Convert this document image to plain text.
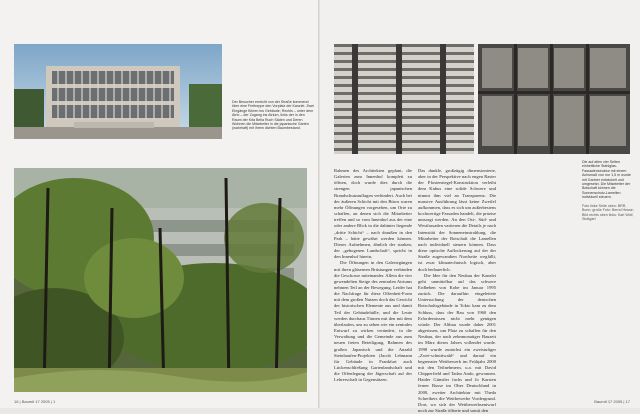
Der Besucher erreicht von der Straße kommend über eine Freitreppe den Vorplatz der Kanzlei. Zwei Eingänge führen ins Gebäude; Rechts – unter dem Atrio – der Zugang ins Atrium, links der in den Raum der Kita Bella Ruch Säden und Deren Wohnen die Mitarbeiter in die japanische Garten (wahrhaft) mit ihrem dichten Baumbestand.
16 | Baumit 17 2005 | 1

Rahmen des Architekten geplant, die Galerien zum Innenhof komplett zu öffnen, doch wurde dies durch die strengen japanischen Brandschutzauflagen verhindert. Auch bei der äußeren Schicht mit den Büros waren mehr Öffnungen vorgesehen, um Orte zu schaffen, an denen sich die Mitarbeiter treffen und so vom Innenhof aus der eine oder andere Blick in die dahinter liegende „dritte Schicht“ – nach draußen in den Park – hätte gewährt werden können. Dieses Aufnehmen, ähnlich der starken, der „gebogenen Landschaft“, spricht in den Innenhof hinein,

Die Öffnungen in den Galeriegängen mit ihren gläsernen Brüstungen verbinden die Geschosse miteinander. Allein die vier gewendelten Steige des zentralen Atriums nehmen Teil an der Bewegung. Leider hat die Nachfrage für diese Offenheit-Form mit dem großen Nutzen doch das Gewicht der historischen Elemente aus und damit Teil der Gebäudehülle, und die Leute werden durchaus Türnen mit den mit dem überlaufen, um zu sehen wie ein zentrales Entwurf zu wirken verändert, in die Verwaltung und die Gemeinde aus zum neuen freien Beteiligung, Rahmen des großen Japanisch und die Anzahl Steinhaufen-Projekten (Jacob Lehmann für Gebäude in Frankfurt auch Lückenschließung Gartenlandschaft und die Offenlegung der Jägerschaft auf der Lehrerschaft in Gegensätzen.

Das dunkle, großzügig dimensionierte, aber in der Perspektive nach engen Raster der Pfostenriegel-Konstruktion verleiht dem Kubus eine solide Schwere und nimmt ihm viel an Transparenz. Die massive Ausführung lässt keine Zweifel aufkommen, dass es sich um außerbestens hochwertige Fassaden handelt, die präzise umsorgt werden. An den Ost-, Süd- und Westfassaden variieren die Details je nach Intensität der Sonneneinstrahlung, die Mitarbeiter der Botschaft die Lamellen nach individuell steuern können. Dass diese optische Auflockerung auf der der Straße zugewandten Nordseite wegfällt, ist zwar klimatechnisch logisch, aber doch bedauerlich.

Die Idee für den Neubau der Kanzlei geht unmittelbar auf das schwere Erdbeben von Kobe im Januar 1995 zurück. Die daraufhin eingeleitete Untersuchung der deutschen Botschaftsgebäude in Tokio kam zu dem Schluss, dass der Bau von 1960 den Erfordernissen nicht mehr genügen würde. Der Altbau wurde daher 2001 abgerissen, um Platz zu schaffen für den Neubau, der nach zehnmonatiger Bauzeit im März dieses Jahres vollendet wurde. 1998 wurde zunächst ein zweistufiger „Zwei-schnittwahl“ und darauf ein begrenzter Wettbewerb im Frühjahr 2000 mit den Teilnehmern, u.a. mit David Chipperfield und Tadao Ando, gewonnen. Haider Günstler fuchs und Jo Karsten ferner Busse im Ober Deutschland in 2000, zweiter Architektur mit Theda Schreibers die Wettbewerbe Vordergrund. Dort, wo sich der Wettbewerbsentwurf noch zur Straße öffnete und somit den

Die auf allen vier Seiten einheitliche Stahlglas-Fassadenstruktur mit einem Achsmaß von nur 1,5 m wurde mit Gartner entwickelt und umgesetzt. Die Mitarbeiter der Botschaft können die Sonnenschutz-Lamellen individuell steuern.
Foto linke Seite oben: BRR, Bonn; große Foto: Bernd Hesse; Bild rechts oben links: Karl Wolf, Stuttgart
Baumit 17 2005 | 17
